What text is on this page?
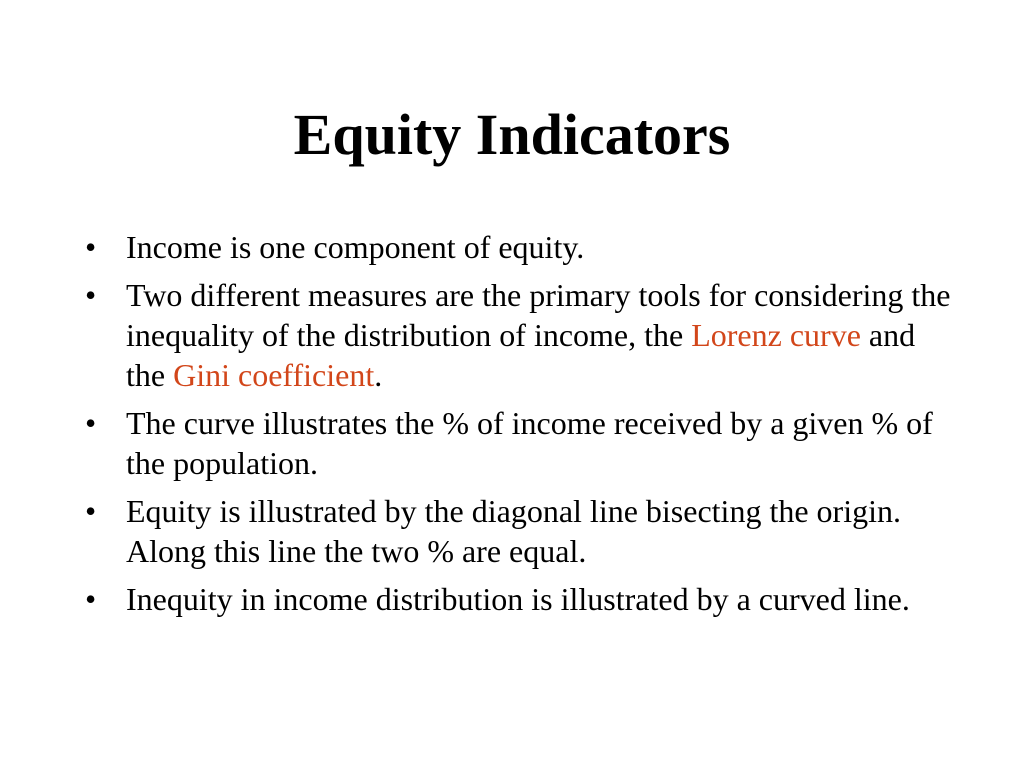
Equity Indicators
• Income is one component of equity.
• Two different measures are the primary tools for considering the inequality of the distribution of income, the Lorenz curve and the Gini coefficient.
• The curve illustrates the % of income received by a given % of the population.
• Equity is illustrated by the diagonal line bisecting the origin. Along this line the two % are equal.
• Inequity in income distribution is illustrated by a curved line.
